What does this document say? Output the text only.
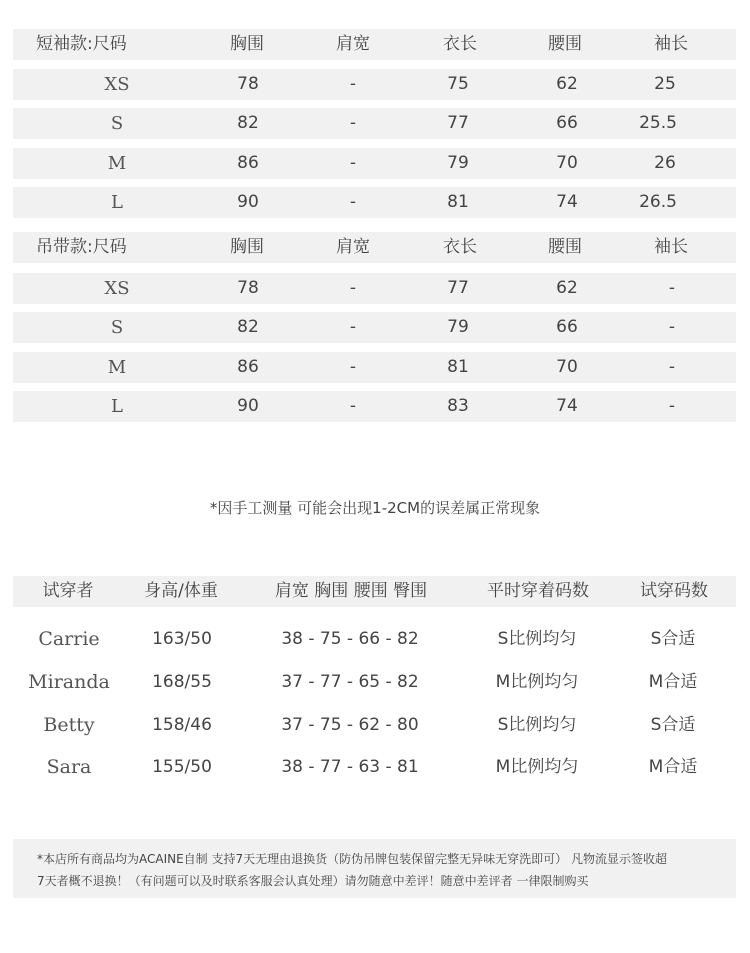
短袖款:尺码	胸围	肩宽	衣长	腰围	袖长
XS	78	-	75	62	25
S	82	-	77	66	25.5
M	86	-	79	70	26
L	90	-	81	74	26.5
吊带款:尺码	胸围	肩宽	衣长	腰围	袖长
XS	78	-	77	62	-
S	82	-	79	66	-
M	86	-	81	70	-
L	90	-	83	74	-
*因手工测量 可能会出现1-2CM的误差属正常现象
试穿者	身高/体重	肩宽 胸围 腰围 臀围	平时穿着码数	试穿码数
Carrie	163/50	38 - 75 - 66 - 82	S比例均匀	S合适
Miranda 168/55	37 - 77 - 65 - 82	M比例均匀	M合适
Betty	158/46	37 - 75 - 62 - 80	S比例均匀	S合适
Sara	155/50	38 - 77 - 63 - 81	M比例均匀	M合适
*本店所有商品均为ACAINE自制 支持7天无理由退换货（防伪吊牌包装保留完整无异味无穿洗即可） 凡物流显示签收超
7天者概不退换！（有问题可以及时联系客服会认真处理）请勿随意中差评！随意中差评者 一律限制购买
